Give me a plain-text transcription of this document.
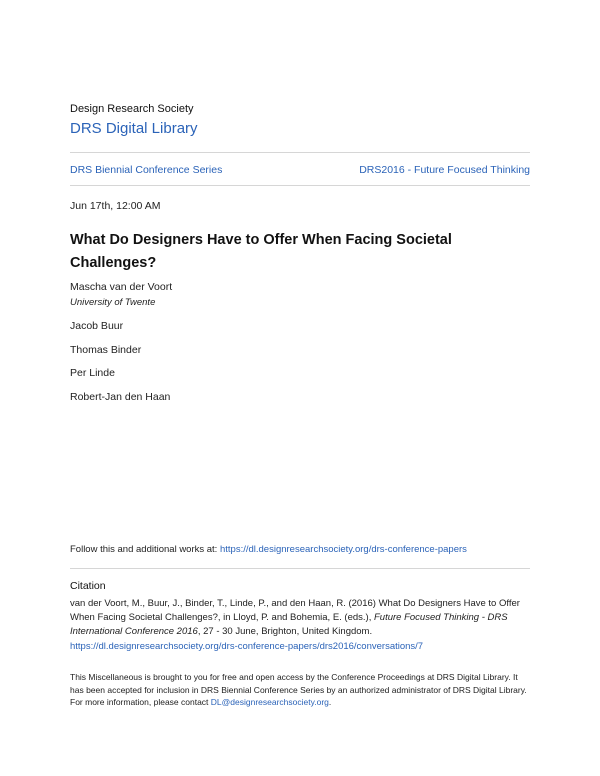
Design Research Society
DRS Digital Library
DRS Biennial Conference Series	DRS2016 - Future Focused Thinking
Jun 17th, 12:00 AM
What Do Designers Have to Offer When Facing Societal
Challenges?
Mascha van der Voort
University of Twente
Jacob Buur
Thomas Binder
Per Linde
Robert-Jan den Haan
Follow this and additional works at: https://dl.designresearchsociety.org/drs-conference-papers
Citation
van der Voort, M., Buur, J., Binder, T., Linde, P., and den Haan, R. (2016) What Do Designers Have to Offer When Facing Societal Challenges?, in Lloyd, P. and Bohemia, E. (eds.), Future Focused Thinking - DRS International Conference 2016, 27 - 30 June, Brighton, United Kingdom.
https://dl.designresearchsociety.org/drs-conference-papers/drs2016/conversations/7
This Miscellaneous is brought to you for free and open access by the Conference Proceedings at DRS Digital Library. It has been accepted for inclusion in DRS Biennial Conference Series by an authorized administrator of DRS Digital Library. For more information, please contact DL@designresearchsociety.org.
